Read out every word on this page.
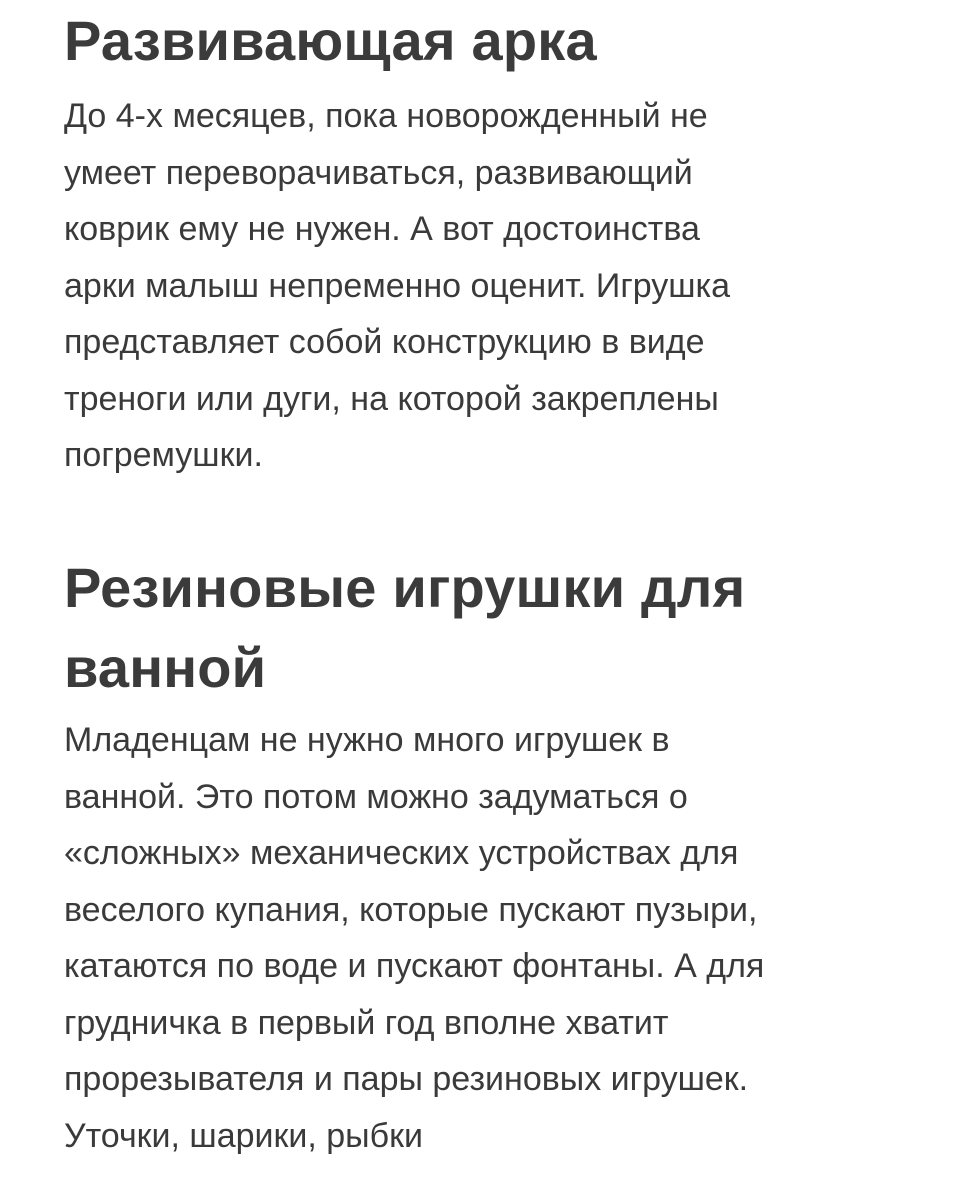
Развивающая арка

До 4-х месяцев, пока новорожденный не
умеет переворачиваться, развивающий
коврик ему не нужен. А вот достоинства
арки малыш непременно оценит. Игрушка
представляет собой конструкцию в виде
треноги или дуги, на которой закреплены
погремушки.

Резиновые игрушки для
ванной

Младенцам не нужно много игрушек в
ванной. Это потом можно задуматься о
«сложных» механических устройствах для
веселого купания, которые пускают пузыри,
катаются по воде и пускают фонтаны. А для
грудничка в первый год вполне хватит
прорезывателя и пары резиновых игрушек.
Уточки, шарики, рыбки
